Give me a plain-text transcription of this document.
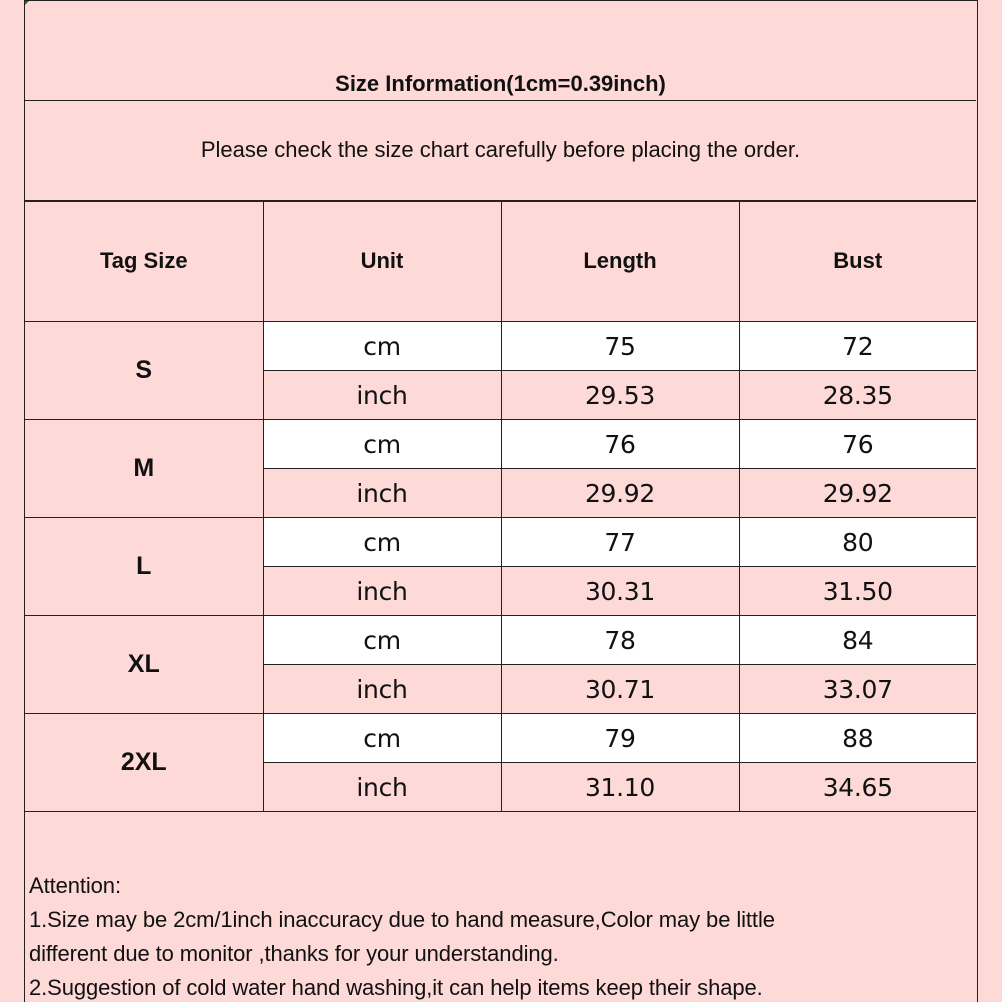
Size Information(1cm=0.39inch)
Please check the size chart carefully before placing the order.
Tag Size	Unit	Length	Bust
S	cm	75	72
	inch	29.53	28.35
M	cm	76	76
	inch	29.92	29.92
L	cm	77	80
	inch	30.31	31.50
XL	cm	78	84
	inch	30.71	33.07
2XL	cm	79	88
	inch	31.10	34.65
Attention:
1.Size may be 2cm/1inch inaccuracy due to hand measure,Color may be little
different due to monitor ,thanks for your understanding.
2.Suggestion of cold water hand washing,it can help items keep their shape.
